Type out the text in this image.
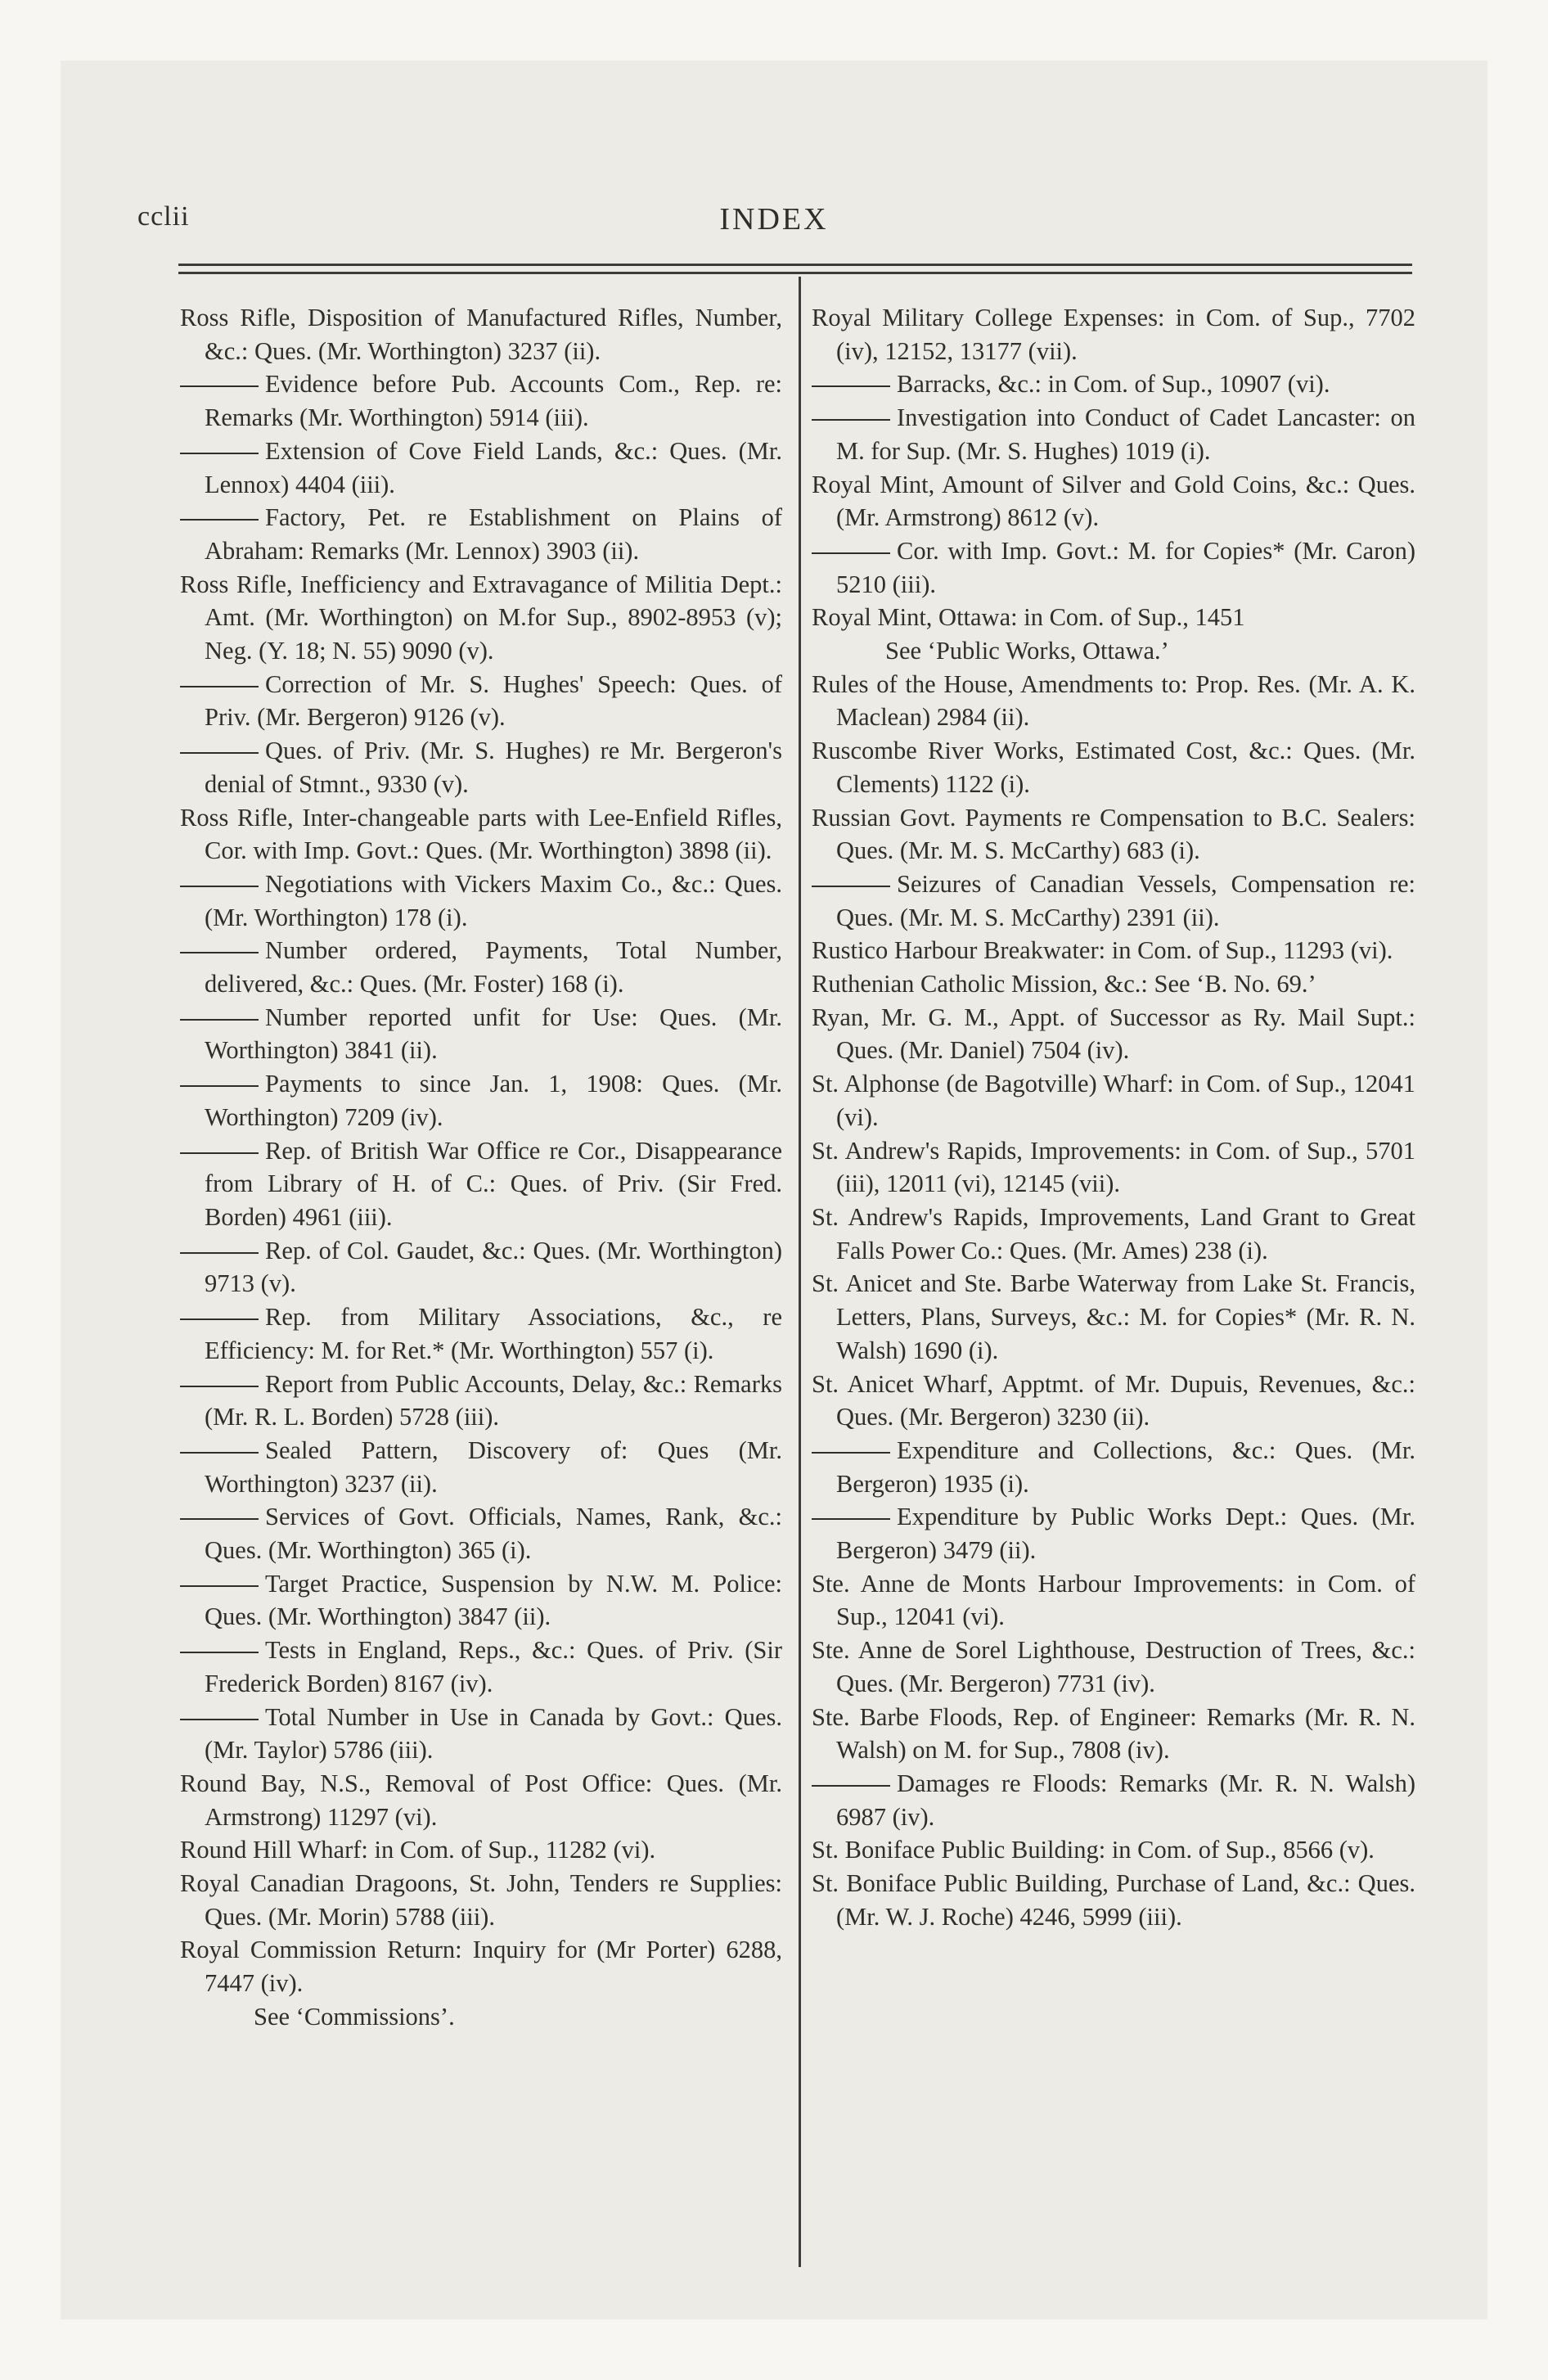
cclii	INDEX

Ross Rifle, Disposition of Manufactured Rifles, Number, &c.: Ques. (Mr. Worthington) 3237 (ii).

Evidence before Pub. Accounts Com., Rep. re: Remarks (Mr. Worthington) 5914 (iii).

Extension of Cove Field Lands, &c.: Ques. (Mr. Lennox) 4404 (iii).

Factory, Pet. re Establishment on Plains of Abraham: Remarks (Mr. Lennox) 3903 (ii).

Ross Rifle, Inefficiency and Extravagance of Militia Dept.: Amt. (Mr. Worthington) on M.for Sup., 8902-8953 (v); Neg. (Y. 18; N. 55) 9090 (v).

Correction of Mr. S. Hughes' Speech: Ques. of Priv. (Mr. Bergeron) 9126 (v).

Ques. of Priv. (Mr. S. Hughes) re Mr. Bergeron's denial of Stmnt., 9330 (v).

Ross Rifle, Inter-changeable parts with Lee-Enfield Rifles, Cor. with Imp. Govt.: Ques. (Mr. Worthington) 3898 (ii).

Negotiations with Vickers Maxim Co., &c.: Ques. (Mr. Worthington) 178 (i).

Number ordered, Payments, Total Number, delivered, &c.: Ques. (Mr. Foster) 168 (i).

Number reported unfit for Use: Ques. (Mr. Worthington) 3841 (ii).

Payments to since Jan. 1, 1908: Ques. (Mr. Worthington) 7209 (iv).

Rep. of British War Office re Cor., Disappearance from Library of H. of C.: Ques. of Priv. (Sir Fred. Borden) 4961 (iii).

Rep. of Col. Gaudet, &c.: Ques. (Mr. Worthington) 9713 (v).

Rep. from Military Associations, &c., re Efficiency: M. for Ret.* (Mr. Worthington) 557 (i).

Report from Public Accounts, Delay, &c.: Remarks (Mr. R. L. Borden) 5728 (iii).

Sealed Pattern, Discovery of: Ques (Mr. Worthington) 3237 (ii).

Services of Govt. Officials, Names, Rank, &c.: Ques. (Mr. Worthington) 365 (i).

Target Practice, Suspension by N.W. M. Police: Ques. (Mr. Worthington) 3847 (ii).

Tests in England, Reps., &c.: Ques. of Priv. (Sir Frederick Borden) 8167 (iv).

Total Number in Use in Canada by Govt.: Ques. (Mr. Taylor) 5786 (iii).

Round Bay, N.S., Removal of Post Office: Ques. (Mr. Armstrong) 11297 (vi).

Round Hill Wharf: in Com. of Sup., 11282 (vi).

Royal Canadian Dragoons, St. John, Tenders re Supplies: Ques. (Mr. Morin) 5788 (iii).

Royal Commission Return: Inquiry for (Mr Porter) 6288, 7447 (iv).

See ‘Commissions’.

Royal Military College Expenses: in Com. of Sup., 7702 (iv), 12152, 13177 (vii).

Barracks, &c.: in Com. of Sup., 10907 (vi).

Investigation into Conduct of Cadet Lancaster: on M. for Sup. (Mr. S. Hughes) 1019 (i).

Royal Mint, Amount of Silver and Gold Coins, &c.: Ques. (Mr. Armstrong) 8612 (v).

Cor. with Imp. Govt.: M. for Copies* (Mr. Caron) 5210 (iii).

Royal Mint, Ottawa: in Com. of Sup., 1451

See ‘Public Works, Ottawa.’

Rules of the House, Amendments to: Prop. Res. (Mr. A. K. Maclean) 2984 (ii).

Ruscombe River Works, Estimated Cost, &c.: Ques. (Mr. Clements) 1122 (i).

Russian Govt. Payments re Compensation to B.C. Sealers: Ques. (Mr. M. S. McCarthy) 683 (i).

Seizures of Canadian Vessels, Compensation re: Ques. (Mr. M. S. McCarthy) 2391 (ii).

Rustico Harbour Breakwater: in Com. of Sup., 11293 (vi).

Ruthenian Catholic Mission, &c.: See ‘B. No. 69.’

Ryan, Mr. G. M., Appt. of Successor as Ry. Mail Supt.: Ques. (Mr. Daniel) 7504 (iv).

St. Alphonse (de Bagotville) Wharf: in Com. of Sup., 12041 (vi).

St. Andrew's Rapids, Improvements: in Com. of Sup., 5701 (iii), 12011 (vi), 12145 (vii).

St. Andrew's Rapids, Improvements, Land Grant to Great Falls Power Co.: Ques. (Mr. Ames) 238 (i).

St. Anicet and Ste. Barbe Waterway from Lake St. Francis, Letters, Plans, Surveys, &c.: M. for Copies* (Mr. R. N. Walsh) 1690 (i).

St. Anicet Wharf, Apptmt. of Mr. Dupuis, Revenues, &c.: Ques. (Mr. Bergeron) 3230 (ii).

Expenditure and Collections, &c.: Ques. (Mr. Bergeron) 1935 (i).

Expenditure by Public Works Dept.: Ques. (Mr. Bergeron) 3479 (ii).

Ste. Anne de Monts Harbour Improvements: in Com. of Sup., 12041 (vi).

Ste. Anne de Sorel Lighthouse, Destruction of Trees, &c.: Ques. (Mr. Bergeron) 7731 (iv).

Ste. Barbe Floods, Rep. of Engineer: Remarks (Mr. R. N. Walsh) on M. for Sup., 7808 (iv).

Damages re Floods: Remarks (Mr. R. N. Walsh) 6987 (iv).

St. Boniface Public Building: in Com. of Sup., 8566 (v).

St. Boniface Public Building, Purchase of Land, &c.: Ques. (Mr. W. J. Roche) 4246, 5999 (iii).
